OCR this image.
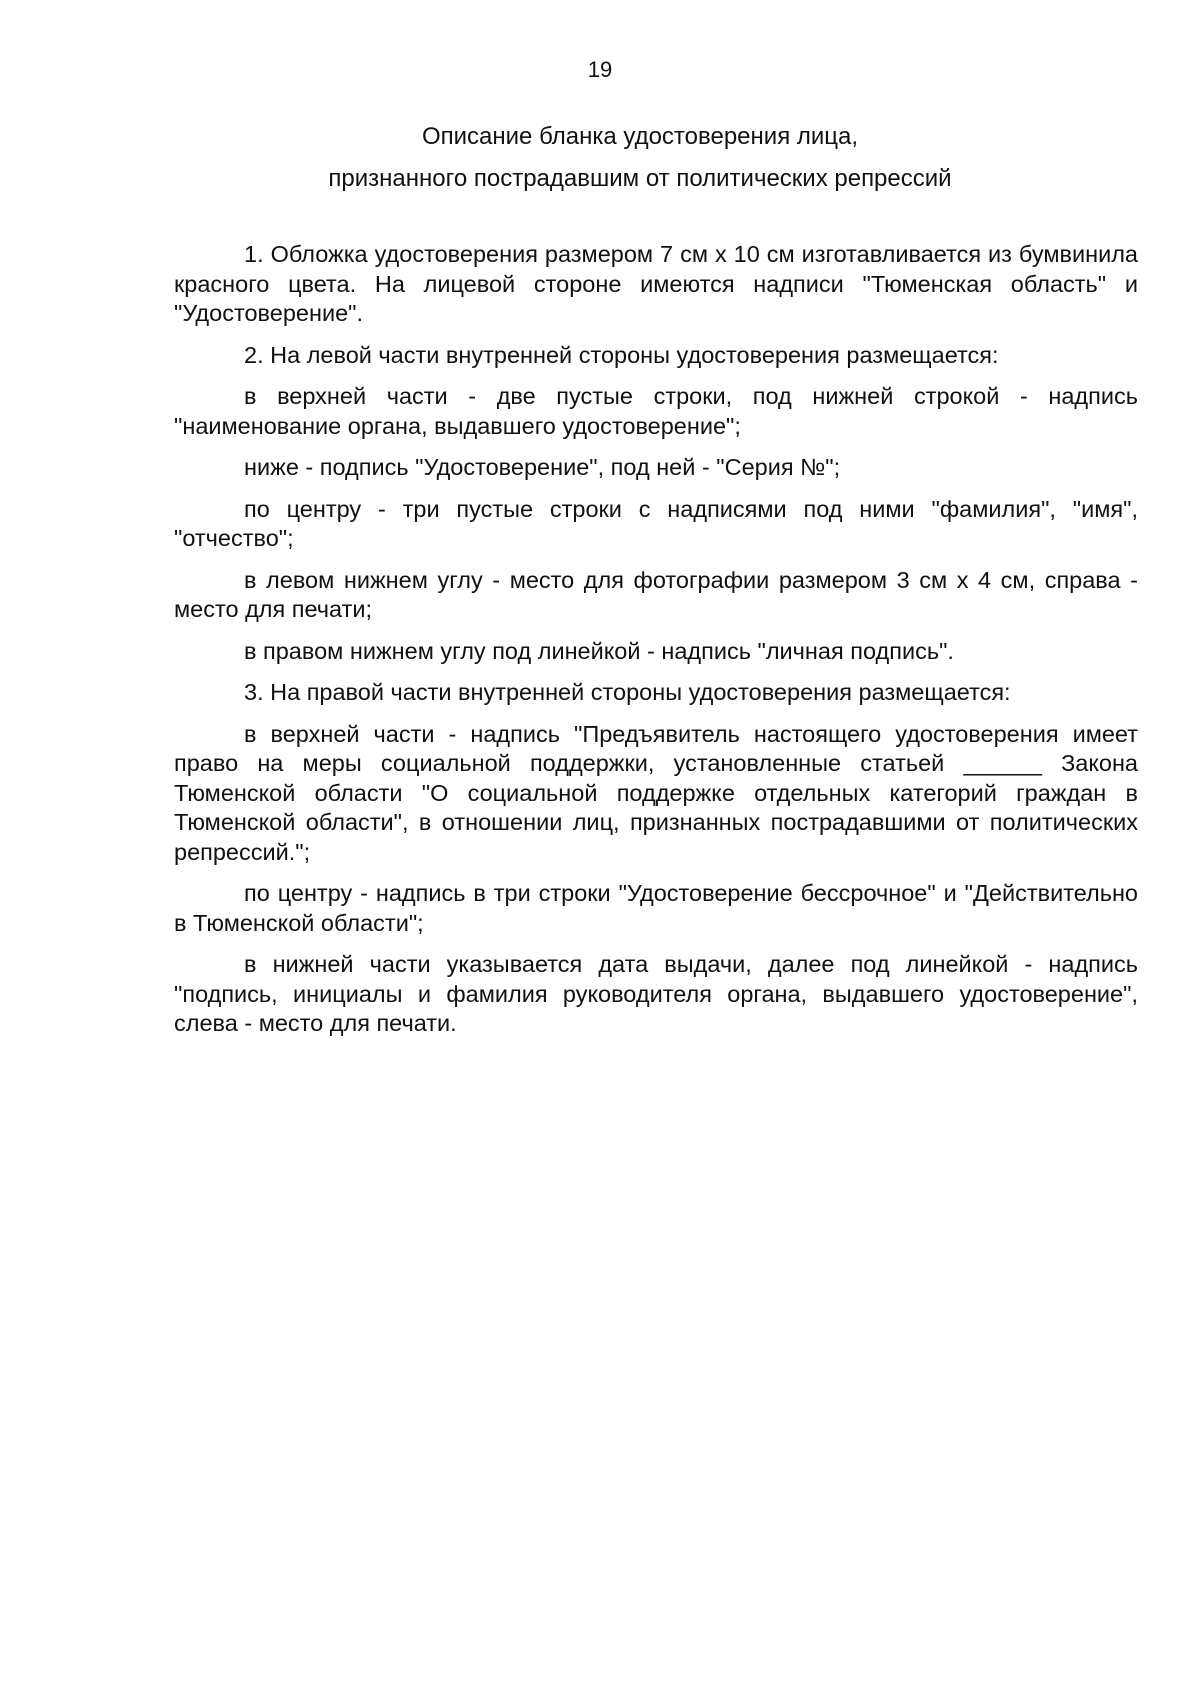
19
Описание бланка удостоверения лица,
признанного пострадавшим от политических репрессий

1. Обложка удостоверения размером 7 см x 10 см изготавливается из бумвинила красного цвета. На лицевой стороне имеются надписи "Тюменская область" и "Удостоверение".

2. На левой части внутренней стороны удостоверения размещается:

в верхней части - две пустые строки, под нижней строкой - надпись "наименование органа, выдавшего удостоверение";

ниже - подпись "Удостоверение", под ней - "Серия №";

по центру - три пустые строки с надписями под ними "фамилия", "имя", "отчество";

в левом нижнем углу - место для фотографии размером 3 см x 4 см, справа - место для печати;

в правом нижнем углу под линейкой - надпись "личная подпись".

3. На правой части внутренней стороны удостоверения размещается:

в верхней части - надпись "Предъявитель настоящего удостоверения имеет право на меры социальной поддержки, установленные статьей ______ Закона Тюменской области "О социальной поддержке отдельных категорий граждан в Тюменской области", в отношении лиц, признанных пострадавшими от политических репрессий.";

по центру - надпись в три строки "Удостоверение бессрочное" и "Действительно в Тюменской области";

в нижней части указывается дата выдачи, далее под линейкой - надпись "подпись, инициалы и фамилия руководителя органа, выдавшего удостоверение", слева - место для печати.
